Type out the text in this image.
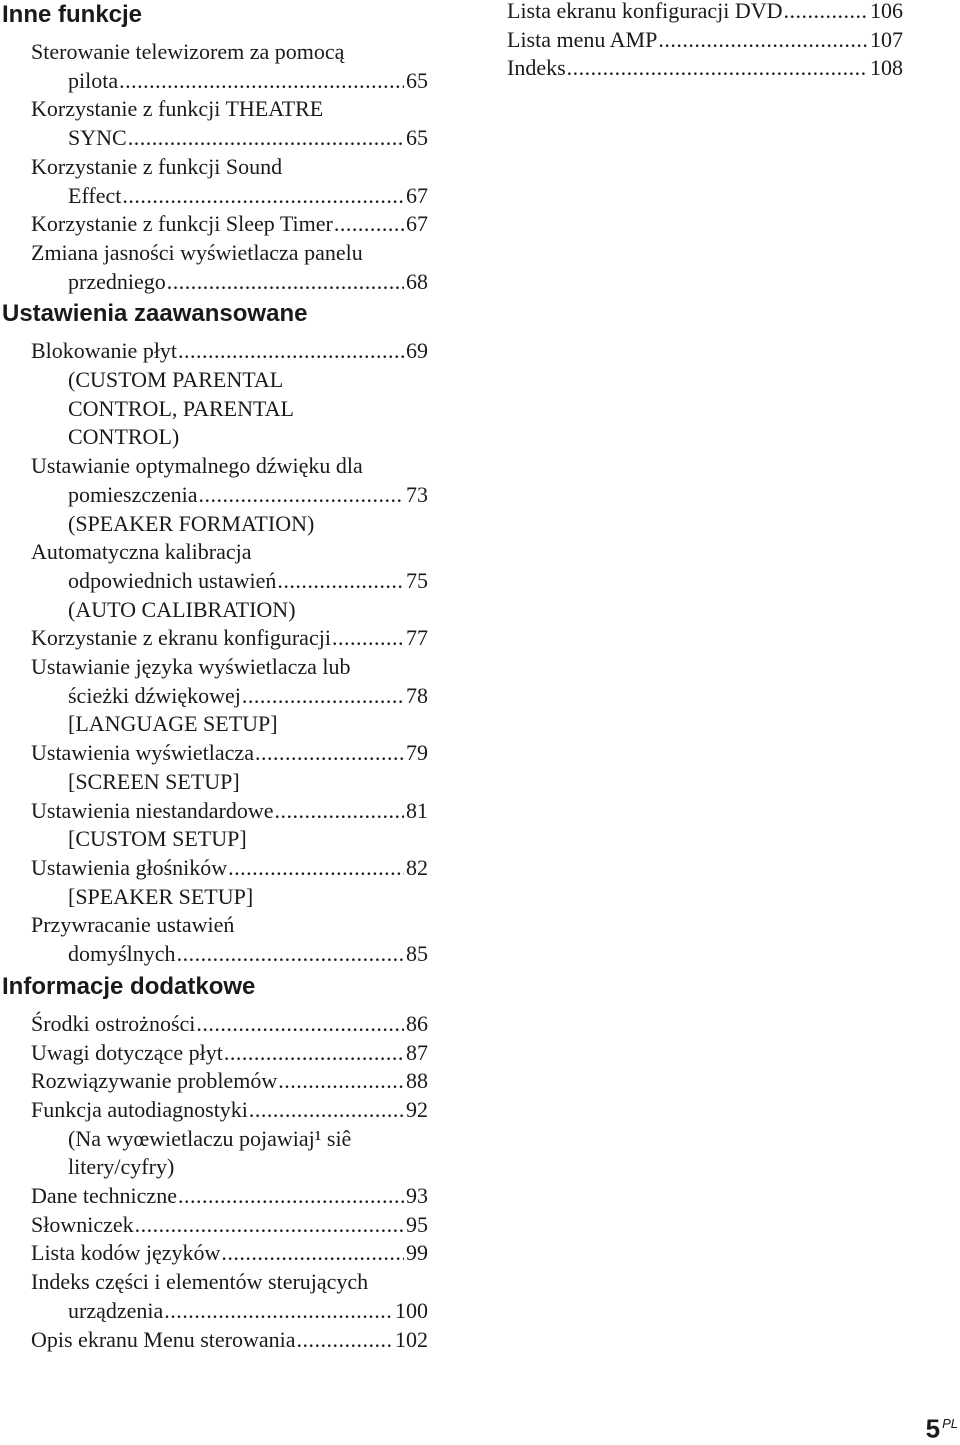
Inne funkcje
Sterowanie telewizorem za pomocą
pilota .....	65
Korzystanie z funkcji THEATRE
SYNC .....	65
Korzystanie z funkcji Sound
Effect .....	67
Korzystanie z funkcji Sleep Timer .....	67
Zmiana jasności wyświetlacza panelu
przedniego .....	68
Ustawienia zaawansowane
Blokowanie płyt .....	69
(CUSTOM PARENTAL
CONTROL, PARENTAL
CONTROL)
Ustawianie optymalnego dźwięku dla
pomieszczenia .....	73
(SPEAKER FORMATION)
Automatyczna kalibracja
odpowiednich ustawień .....	75
(AUTO CALIBRATION)
Korzystanie z ekranu konfiguracji .....	77
Ustawianie języka wyświetlacza lub
ścieżki dźwiękowej .....	78
[LANGUAGE SETUP]
Ustawienia wyświetlacza .....	79
[SCREEN SETUP]
Ustawienia niestandardowe .....	81
[CUSTOM SETUP]
Ustawienia głośników .....	82
[SPEAKER SETUP]
Przywracanie ustawień
domyślnych .....	85
Informacje dodatkowe
Środki ostrożności .....	86
Uwagi dotyczące płyt .....	87
Rozwiązywanie problemów .....	88
Funkcja autodiagnostyki .....	92
(Na wyœwietlaczu pojawiaj¹ siê
litery/cyfry)
Dane techniczne .....	93
Słowniczek .....	95
Lista kodów języków .....	99
Indeks części i elementów sterujących
urządzenia .....	100
Opis ekranu Menu sterowania .....	102
Lista ekranu konfiguracji DVD .....	106
Lista menu AMP .....	107
Indeks .....	108
5 $^{PL}$
